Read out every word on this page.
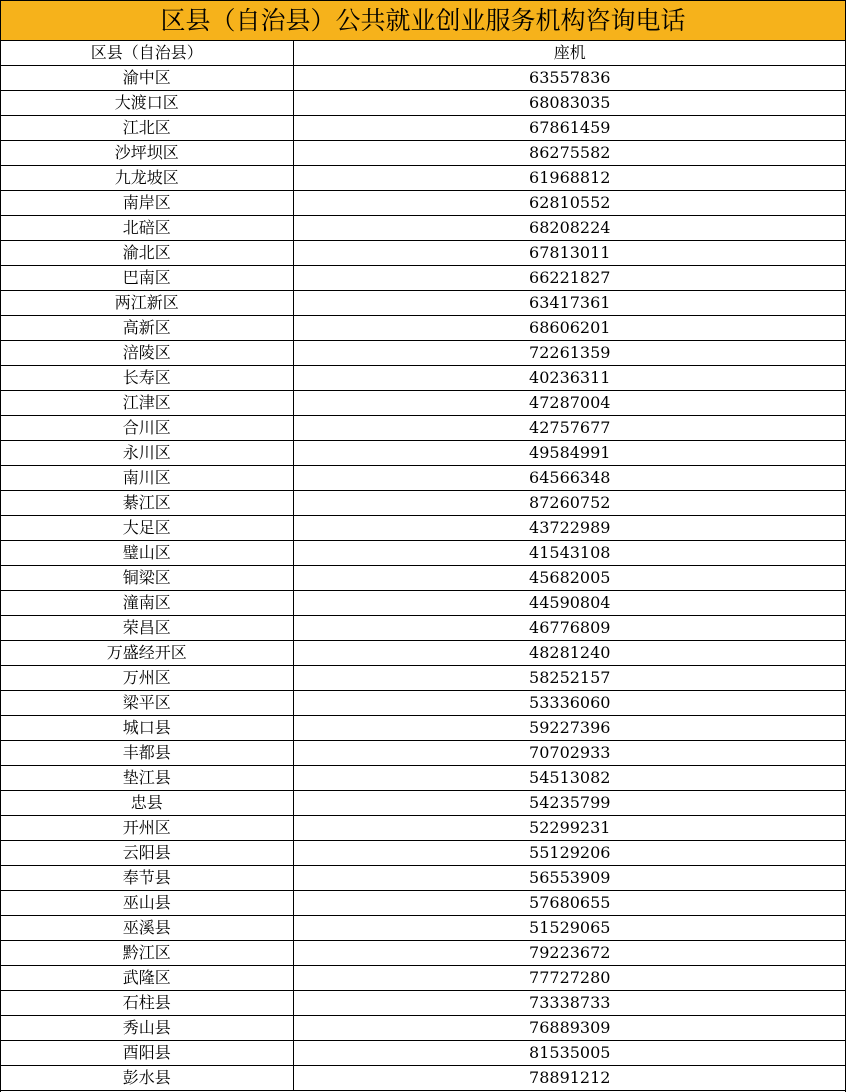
区县（自治县）公共就业创业服务机构咨询电话
区县（自治县）	座机
渝中区	63557836
大渡口区	68083035
江北区	67861459
沙坪坝区	86275582
九龙坡区	61968812
南岸区	62810552
北碚区	68208224
渝北区	67813011
巴南区	66221827
两江新区	63417361
高新区	68606201
涪陵区	72261359
长寿区	40236311
江津区	47287004
合川区	42757677
永川区	49584991
南川区	64566348
綦江区	87260752
大足区	43722989
璧山区	41543108
铜梁区	45682005
潼南区	44590804
荣昌区	46776809
万盛经开区	48281240
万州区	58252157
梁平区	53336060
城口县	59227396
丰都县	70702933
垫江县	54513082
忠县	54235799
开州区	52299231
云阳县	55129206
奉节县	56553909
巫山县	57680655
巫溪县	51529065
黔江区	79223672
武隆区	77727280
石柱县	73338733
秀山县	76889309
酉阳县	81535005
彭水县	78891212
